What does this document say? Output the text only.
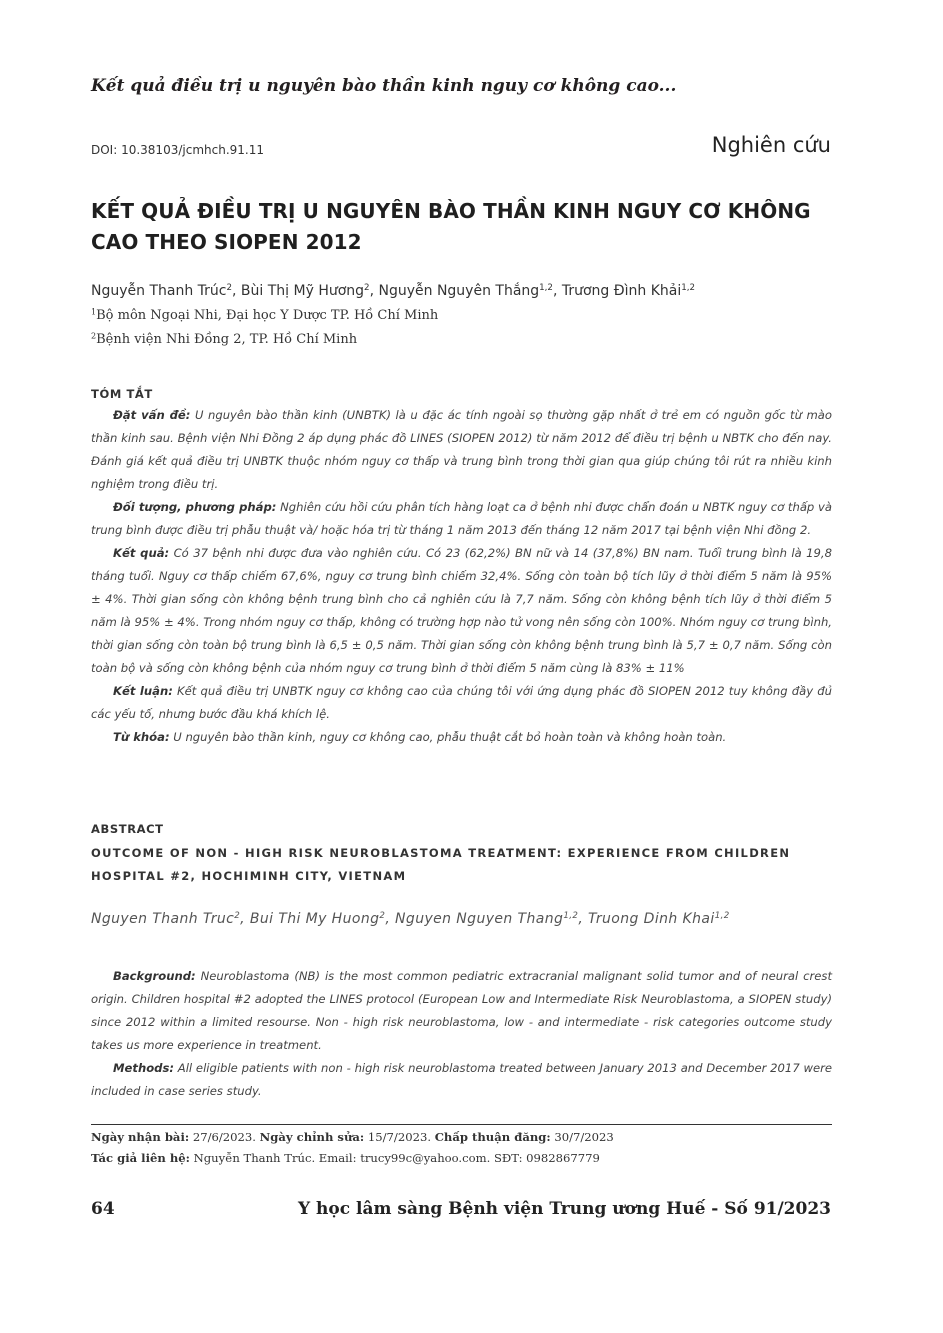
Kết quả điều trị u nguyên bào thần kinh nguy cơ không cao...
DOI: 10.38103/jcmhch.91.11	Nghiên cứu
KẾT QUẢ ĐIỀU TRỊ U NGUYÊN BÀO THẦN KINH NGUY CƠ KHÔNG CAO THEO SIOPEN 2012
Nguyễn Thanh Trúc$^2$, Bùi Thị Mỹ Hương$^2$, Nguyễn Nguyên Thắng$^{1,2}$, Trương Đình Khải$^{1,2}$
$^1$Bộ môn Ngoại Nhi, Đại học Y Dược TP. Hồ Chí Minh
$^2$Bệnh viện Nhi Đồng 2, TP. Hồ Chí Minh
TÓM TẮT

Đặt vấn đề: U nguyên bào thần kinh (UNBTK) là u đặc ác tính ngoài sọ thường gặp nhất ở trẻ em có nguồn gốc từ mào thần kinh sau. Bệnh viện Nhi Đồng 2 áp dụng phác đồ LINES (SIOPEN 2012) từ năm 2012 để điều trị bệnh u NBTK cho đến nay. Đánh giá kết quả điều trị UNBTK thuộc nhóm nguy cơ thấp và trung bình trong thời gian qua giúp chúng tôi rút ra nhiều kinh nghiệm trong điều trị.

Đối tượng, phương pháp: Nghiên cứu hồi cứu phân tích hàng loạt ca ở bệnh nhi được chẩn đoán u NBTK nguy cơ thấp và trung bình được điều trị phẫu thuật và/ hoặc hóa trị từ tháng 1 năm 2013 đến tháng 12 năm 2017 tại bệnh viện Nhi đồng 2.

Kết quả: Có 37 bệnh nhi được đưa vào nghiên cứu. Có 23 (62,2%) BN nữ và 14 (37,8%) BN nam. Tuổi trung bình là 19,8 tháng tuổi. Nguy cơ thấp chiếm 67,6%, nguy cơ trung bình chiếm 32,4%. Sống còn toàn bộ tích lũy ở thời điểm 5 năm là 95% ± 4%. Thời gian sống còn không bệnh trung bình cho cả nghiên cứu là 7,7 năm. Sống còn không bệnh tích lũy ở thời điểm 5 năm là 95% ± 4%. Trong nhóm nguy cơ thấp, không có trường hợp nào tử vong nên sống còn 100%. Nhóm nguy cơ trung bình, thời gian sống còn toàn bộ trung bình là 6,5 ± 0,5 năm. Thời gian sống còn không bệnh trung bình là 5,7 ± 0,7 năm. Sống còn toàn bộ và sống còn không bệnh của nhóm nguy cơ trung bình ở thời điểm 5 năm cùng là 83% ± 11%

Kết luận: Kết quả điều trị UNBTK nguy cơ không cao của chúng tôi với ứng dụng phác đồ SIOPEN 2012 tuy không đầy đủ các yếu tố, nhưng bước đầu khá khích lệ.

Từ khóa: U nguyên bào thần kinh, nguy cơ không cao, phẫu thuật cắt bỏ hoàn toàn và không hoàn toàn.

ABSTRACT
OUTCOME OF NON - HIGH RISK NEUROBLASTOMA TREATMENT: EXPERIENCE FROM CHILDREN HOSPITAL #2, HOCHIMINH CITY, VIETNAM
Nguyen Thanh Truc$^2$, Bui Thi My Huong$^2$, Nguyen Nguyen Thang$^{1,2}$, Truong Dinh Khai$^{1,2}$

Background: Neuroblastoma (NB) is the most common pediatric extracranial malignant solid tumor and of neural crest origin. Children hospital #2 adopted the LINES protocol (European Low and Intermediate Risk Neuroblastoma, a SIOPEN study) since 2012 within a limited resourse. Non - high risk neuroblastoma, low - and intermediate - risk categories outcome study takes us more experience in treatment.

Methods: All eligible patients with non - high risk neuroblastoma treated between January 2013 and December 2017 were included in case series study.

Ngày nhận bài: 27/6/2023. Ngày chỉnh sửa: 15/7/2023. Chấp thuận đăng: 30/7/2023
Tác giả liên hệ: Nguyễn Thanh Trúc. Email: trucy99c@yahoo.com. SĐT: 0982867779
64	Y học lâm sàng Bệnh viện Trung ương Huế - Số 91/2023
